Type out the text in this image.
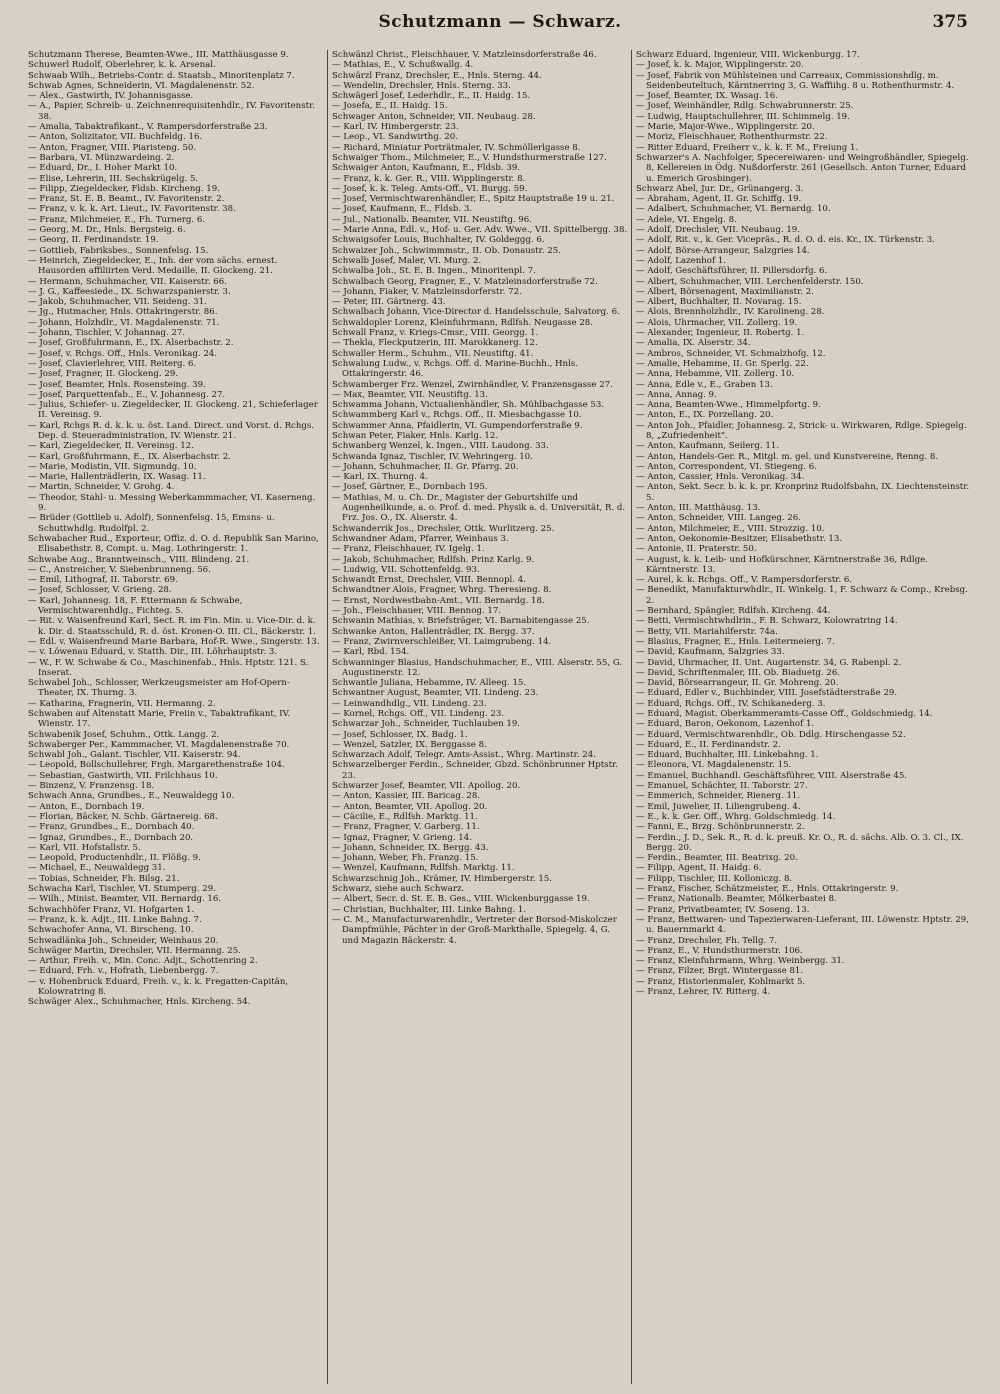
Schutzmann — Schwarz.	375
Schutzmann Therese, Beamten-Wwe., III. Matthäusgasse 9.
Schuwerl Rudolf, Oberlehrer, k. k. Arsenal.
Schwaab Wilh., Betriebs-Contr. d. Staatsb., Minoritenplatz 7.
Schwab Agnes, Schneiderin, VI. Magdalenenstr. 52.
— Alex., Gastwirth, IV. Johannisgasse.
— A., Papier, Schreib- u. Zeichnenrequisitenhdlr., IV. Favoritenstr. 38.
— Amalia, Tabaktrafikant., V. Rampersdorferstraße 23.
— Anton, Solizitator, VII. Buchfeldg. 16.
— Anton, Fragner, VIII. Piaristeng. 50.
— Barbara, VI. Münzwardeing. 2.
— Eduard, Dr., I. Hoher Markt 10.
— Elise, Lehrerin, III. Sechskrügelg. 5.
— Filipp, Ziegeldecker, Fldsb. Kircheng. 19.
— Franz, St. E. B. Beamt., IV. Favoritenstr. 2.
— Franz, v. k. k. Art. Lieut., IV. Favoritenstr. 38.
— Franz, Milchmeier, E., Fh. Turnerg. 6.
— Georg, M. Dr., Hnls. Bergsteig. 6.
— Georg, II. Ferdinandstr. 19.
— Gottlieb, Fabriksbes., Sonnenfelsg. 15.
— Heinrich, Ziegeldecker, E., Inh. der vom sächs. ernest. Hausorden affiliirten Verd. Medaille, II. Glockeng. 21.
— Hermann, Schuhmacher, VII. Kaiserstr. 66.
— J. G., Kaffeesiede., IX. Schwarzspanierstr. 3.
— Jakob, Schuhmacher, VII. Seideng. 31.
— Jg., Hutmacher, Hnls. Ottakringerstr. 86.
— Johann, Holzhdlr., VI. Magdalenenstr. 71.
— Johann, Tischler, V. Johannag. 27.
— Josef, Großfuhrmann, E., IX. Alserbachstr. 2.
— Josef, v. Rchgs. Off., Hnls. Veronikag. 24.
— Josef, Clavierlehrer, VIII. Reiterg. 6.
— Josef, Fragner, II. Glockeng. 29.
— Josef, Beamter, Hnls. Rosensteing. 39.
— Josef, Parquettenfab., E., V. Johannesg. 27.
— Julius, Schiefer- u. Ziegeldecker, II. Glockeng. 21, Schieferlager II. Vereinsg. 9.
— Karl, Rchgs R. d. k. k. u. öst. Land. Direct. und Vorst. d. Rchgs. Dep. d. Steueradministration, IV. Wienstr. 21.
— Karl, Ziegeldecker, II. Vereinsg. 12.
— Karl, Großfuhrmann, E., IX. Alserbachstr. 2.
— Marie, Modistin, VII. Sigmundg. 10.
— Marie, Hallenträdlerin, IX. Wasag. 11.
— Martin, Schneider, V. Grohg. 4.
— Theodor, Stahl- u. Messing Weberkammmacher, VI. Kaserneng. 9.
— Brüder (Gottlieb u. Adolf), Sonnenfelsg. 15, Emsns- u. Schuttwhdlg. Rudolfpl. 2.
Schwabacher Rud., Exporteur, Offiz. d. O. d. Republik San Marino, Elisabethstr. 8, Compt. u. Mag. Lothringerstr. 1.
Schwabe Aug., Branntweinsch., VIII. Blindeng. 21.
— C., Anstreicher, V. Siebenbrunneng. 56.
— Emil, Lithograf, II. Taborstr. 69.
— Josef, Schlosser, V. Grieng. 28.
— Karl, Johannesg. 18, F. Ettermann & Schwabe, Vermischtwarenhdlg., Fichteg. 5.
— Rit. v. Waisenfreund Karl, Sect. R. im Fin. Min. u. Vice-Dir. d. k. k. Dir. d. Staatsschuld, R. d. öst. Kronen-O. III. Cl., Bäckerstr. 1.
— Edl. v. Waisenfreund Marie Barbara, Hof-R. Wwe., Singerstr. 13.
— v. Löwenau Eduard, v. Statth. Dir., III. Löhrhauptstr. 3.
— W., F. W. Schwabe & Co., Maschinenfab., Hnls. Hptstr. 121. S. Inserat.
Schwabel Joh., Schlosser, Werkzeugsmeister am Hof-Opern-Theater, IX. Thurng. 3.
— Katharina, Fragnerin, VII. Hermanng. 2.
Schwaben auf Altenstatt Marie, Freiin v., Tabaktrafikant, IV. Wienstr. 17.
Schwabenik Josef, Schuhm., Ottk. Langg. 2.
Schwaberger Per., Kammmacher, VI. Magdalenenstraße 70.
Schwabl Joh., Galant. Tischler, VII. Kaiserstr. 94.
— Leopold, Bollschullehrer, Frgh. Margarethenstraße 104.
— Sebastian, Gastwirth, VII. Frilchhaus 10.
— Binzenz, V. Franzensg. 18.
Schwach Anna, Grundbes., E., Neuwaldegg 10.
— Anton, E., Dornbach 19.
— Florian, Bäcker, N. Schb. Gärtnereig. 68.
— Franz, Grundbes., E., Dornbach 40.
— Ignaz, Grundbes., E., Dornbach 20.
— Karl, VII. Hofstallstr. 5.
— Leopold, Productenhdlr., II. Flößg. 9.
— Michael, E., Neuwaldegg 31.
— Tobias, Schneider, Fh. Bilsg. 21.
Schwacha Karl, Tischler, VI. Stumperg. 29.
— Wilh., Minist. Beamter, VII. Bernardg. 16.
Schwachhöfer Franz, VI. Hofgarten 1.
— Franz, k. k. Adjt., III. Linke Bahng. 7.
Schwachofer Anna, VI. Birscheng. 10.
Schwadlänka Joh., Schneider, Weinhaus 20.
Schwäger Martin, Drechsler, VII. Hermanng. 25.
— Arthur, Freih. v., Min. Conc. Adjt., Schottenring 2.
— Eduard, Frh. v., Hofrath, Liebenbergg. 7.
— v. Hohenbruck Eduard, Freih. v., k. k. Fregatten-Capitän, Kolowratring 8.
Schwäger Alex., Schuhmacher, Hnls. Kircheng. 54.
Schwänzl Christ., Fleischhauer, V. Matzleinsdorferstraße 46.
— Mathias, E., V. Schußwallg. 4.
Schwärzl Franz, Drechsler, E., Hnls. Sterng. 44.
— Wendelin, Drechsler, Hnls. Sterng. 33.
Schwägerl Josef, Lederhdlr., E., II. Haidg. 15.
— Josefa, E., II. Haidg. 15.
Schwager Anton, Schneider, VII. Neubaug. 28.
— Karl, IV. Himbergerstr. 23.
— Leop., VI. Sandwirthg. 20.
— Richard, Miniatur Porträtmaler, IV. Schmöllerlgasse 8.
Schwaiger Thom., Milchmeier, E., V. Hundsthurmerstraße 127.
Schwaiger Anton, Kaufmann, E., Fldsb. 39.
— Franz, k. k. Ger. R., VIII. Wipplingerstr. 8.
— Josef, k. k. Teleg. Amts-Off., VI. Burgg. 59.
— Josef, Vermischtwarenhändler, E., Spitz Hauptstraße 19 u. 21.
— Josef, Kaufmann, E., Fldsb. 3.
— Jul., Nationalb. Beamter, VII. Neustiftg. 96.
— Marie Anna, Edl. v., Hof- u. Ger. Adv. Wwe., VII. Spittelbergg. 38.
Schwaigsofer Louis, Buchhalter, IV. Goldeggg. 6.
Schwaizer Joh., Schwimmmstr., II. Ob. Donaustr. 25.
Schwalb Josef, Maler, VI. Murg. 2.
Schwalba Joh., St. E. B. Ingen., Minoritenpl. 7.
Schwalbach Georg, Fragner, E., V. Matzleinsdorferstraße 72.
— Johann, Fiaker, V. Matzleinsdorferstr. 72.
— Peter, III. Gärtnerg. 43.
Schwalbach Johann, Vice-Director d. Handelsschule, Salvatorg. 6.
Schwaldopler Lorenz, Kleinfuhrmann, Rdlfsh. Neugasse 28.
Schwall Franz, v. Kriegs-Cmsr., VIII. Georgg. 1.
— Thekla, Fleckputzerin, III. Marokkanerg. 12.
Schwaller Herm., Schuhm., VII. Neustiftg. 41.
Schwalung Ludw., v. Rchgs. Off. d. Marine-Buchh., Hnls. Ottakringerstr. 46.
Schwamberger Frz. Wenzel, Zwirnhändler, V. Franzensgasse 27.
— Max, Beamter, VII. Neustiftg. 13.
Schwamma Johann, Victualienhändler, Sh. Mühlbachgasse 53.
Schwammberg Karl v., Rchgs. Off., II. Miesbachgasse 10.
Schwammer Anna, Pfaidlerin, VI. Gumpendorferstraße 9.
Schwan Peter, Fiaker, Hnls. Karlg. 12.
Schwanberg Wenzel, k. Ingen., VIII. Laudong. 33.
Schwanda Ignaz, Tischler, IV. Wehringerg. 10.
— Johann, Schuhmacher, II. Gr. Pfarrg. 20.
— Karl, IX. Thurng. 4.
— Josef, Gärtner, E., Dornbach 195.
— Mathias, M. u. Ch. Dr., Magister der Geburtshilfe und Augenheilkunde, a. o. Prof. d. med. Physik a. d. Universität, R. d. Frz. Jos. O., IX. Alserstr. 4.
Schwanderrik Jos., Drechsler, Ottk. Wurlitzerg. 25.
Schwandner Adam, Pfarrer, Weinhaus 3.
— Franz, Fleischhauer, IV. Igelg. 1.
— Jakob, Schuhmacher, Rdlfsh. Prinz Karlg. 9.
— Ludwig, VII. Schottenfeldg. 93.
Schwandt Ernst, Drechsler, VIII. Bennopl. 4.
Schwandtner Alois, Fragner, Whrg. Theresieng. 8.
— Ernst, Nordwestbahn-Amt., VII. Bernardg. 18.
— Joh., Fleischhauer, VIII. Bennog. 17.
Schwanin Mathias, v. Briefsträger, VI. Barnabitengasse 25.
Schwanke Anton, Hallenträdler, IX. Bergg. 37.
— Franz, Zwirnverschleißer, VI. Laimgrubeng. 14.
— Karl, Rbd. 154.
Schwanninger Blasius, Handschuhmacher, E., VIII. Alserstr. 55, G. Augustinerstr. 12.
Schwantle Juliana, Hebamme, IV. Alleeg. 15.
Schwantner August, Beamter, VII. Lindeng. 23.
— Leinwandhdlg., VII. Lindeng. 23.
— Kornel, Rchgs. Off., VII. Lindeng. 23.
Schwarzar Joh., Schneider, Tuchlauben 19.
— Josef, Schlosser, IX. Badg. 1.
— Wenzel, Satzler, IX. Berggasse 8.
Schwarzach Adolf, Telegr. Amts-Assist., Whrg. Martinstr. 24.
Schwarzelberger Ferdin., Schneider, Gbzd. Schönbrunner Hptstr. 23.
Schwarzer Josef, Beamter, VII. Apollog. 20.
— Anton, Kassier, III. Baricag. 28.
— Anton, Beamter, VII. Apollog. 20.
— Cäcilie, E., Rdlfsh. Marktg. 11.
— Franz, Fragner, V. Garberg. 11.
— Ignaz, Fragner, V. Grieng. 14.
— Johann, Schneider, IX. Bergg. 43.
— Johann, Weber, Fh. Franzg. 15.
— Wenzel, Kaufmann, Rdlfsh. Marktg. 11.
Schwarzschnig Joh., Krämer, IV. Himbergerstr. 15.
Schwarz, siehe auch Schwarz.
— Albert, Secr. d. St. E. B. Ges., VIII. Wickenburggasse 19.
— Christian, Buchhalter, III. Linke Bahng. 1.
— C. M., Manufacturwarenhdlr., Vertreter der Borsod-Miskolczer Dampfmühle, Pächter in der Groß-Markthalle, Spiegelg. 4, G. und Magazin Bäckerstr. 4.
Schwarz Eduard, Ingenieur, VIII. Wickenburgg. 17.
— Josef, k. k. Major, Wipplingerstr. 20.
— Josef, Fabrik von Mühlsteinen und Carreaux, Commissionshdlg. m. Seidenbeuteltuch, Kärntnerring 3, G. Waffiihg. 8 u. Rothenthurmstr. 4.
— Josef, Beamter, IX. Wasag. 16.
— Josef, Weinhändler, Rdlg. Schwabrunnerstr. 25.
— Ludwig, Hauptschullehrer, III. Schimmelg. 19.
— Marie, Major-Wwe., Wipplingerstr. 20.
— Moriz, Fleischhauer, Rothenthurmstr. 22.
— Ritter Eduard, Freiherr v., k. k. F. M., Freiung 1.
Schwarzer's A. Nachfolger, Specereiwaren- und Weingroßhändler, Spiegelg. 8, Kellereien in Ödg. Nußdorferstr. 261 (Gesellsch. Anton Turner, Eduard u. Emerich Grosbinger).
Schwarz Abel, Jur. Dr., Grünangerg. 3.
— Abraham, Agent, II. Gr. Schiffg. 19.
— Adalbert, Schuhmacher, VI. Bernardg. 10.
— Adele, VI. Engelg. 8.
— Adolf, Drechsler, VII. Neubaug. 19.
— Adolf, Rit. v., k. Ger. Vicepräs., R. d. O. d. eis. Kr., IX. Türkenstr. 3.
— Adolf, Börse-Arrangeur, Salzgries 14.
— Adolf, Lazenhof 1.
— Adolf, Geschäftsführer, II. Pillersdorfg. 6.
— Albert, Schuhmacher, VIII. Lerchenfelderstr. 150.
— Albert, Börsenagent, Maximilianstr. 2.
— Albert, Buchhalter, II. Novarag. 15.
— Alois, Brennholzhdlr., IV. Karolineng. 28.
— Alois, Uhrmacher, VII. Zollerg. 19.
— Alexander, Ingenieur, II. Robertg. 1.
— Amalia, IX. Alserstr. 34.
— Ambros, Schneider, VI. Schmalzhofg. 12.
— Amalie, Hebamme, II. Gr. Sperlg. 22.
— Anna, Hebamme, VII. Zollerg. 10.
— Anna, Edle v., E., Graben 13.
— Anna, Annag. 9.
— Anna, Beamten-Wwe., Himmelpfortg. 9.
— Anton, E., IX. Porzellang. 20.
— Anton Joh., Pfaidler, Johannesg. 2, Strick- u. Wirkwaren, Rdlge. Spiegelg. 8, „Zufriedenheit".
— Anton, Kaufmann, Seilerg. 11.
— Anton, Handels-Ger. R., Mitgl. m. gel. und Kunstvereine, Renng. 8.
— Anton, Correspondent, VI. Stiegeng. 6.
— Anton, Cassier, Hnls. Veronikag. 34.
— Anton, Sekt. Secr. b. k. k. pr. Kronprinz Rudolfsbahn, IX. Liechtensteinstr. 5.
— Anton, III. Matthäusg. 13.
— Anton, Schneider, VIII. Langeg. 26.
— Anton, Milchmeier, E., VIII. Strozzig. 10.
— Anton, Oekonomie-Besitzer, Elisabethstr. 13.
— Antonie, II. Praterstr. 50.
— August, k. k. Leib- und Hofkürschner, Kärntnerstraße 36, Rdlge. Kärntnerstr. 13.
— Aurel, k. k. Rchgs. Off., V. Rampersdorferstr. 6.
— Benedikt, Manufakturwhdlr., II. Winkelg. 1, F. Schwarz & Comp., Krebsg. 2.
— Bernhard, Spängler, Rdlfsh. Kircheng. 44.
— Betti, Vermischtwhdlrin., F. B. Schwarz, Kolowratring 14.
— Betty, VII. Mariahilferstr. 74a.
— Blasius, Fragner, E., Hnls. Leitermeierg. 7.
— David, Kaufmann, Salzgries 33.
— David, Uhrmacher, II. Unt. Augartenstr. 34, G. Rabenpl. 2.
— David, Schriftenmaler, III. Ob. Biaduetg. 26.
— David, Börsearrangeur, II. Gr. Mohreng. 20.
— Eduard, Edler v., Buchbinder, VIII. Josefstädterstraße 29.
— Eduard, Rchgs. Off., IV. Schikanederg. 3.
— Eduard, Magist. Oberkammeramts-Casse Off., Goldschmiedg. 14.
— Eduard, Baron, Oekonom, Lazenhof 1.
— Eduard, Vermischtwarenhdlr., Ob. Ddlg. Hirschengasse 52.
— Eduard, E., II. Ferdinandstr. 2.
— Eduard, Buchhalter, III. Linkebahng. 1.
— Eleonora, VI. Magdalenenstr. 15.
— Emanuel, Buchhandl. Geschäftsführer, VIII. Alserstraße 45.
— Emanuel, Schächter, II. Taborstr. 27.
— Emmerich, Schneider, Rienerg. 11.
— Emil, Juwelier, II. Liliengrubeng. 4.
— E., k. k. Ger. Off., Whrg. Goldschmiedg. 14.
— Fanni, E., Brzg. Schönbrunnerstr. 2.
— Ferdin., J. D., Sek. R., R. d. k. preuß. Kr. O., R. d. sächs. Alb. O. 3. Cl., IX. Bergg. 20.
— Ferdin., Beamter, III. Beatrixg. 20.
— Filipp, Agent, II. Haidg. 6.
— Filipp, Tischler, III. Kolloniczg. 8.
— Franz, Fischer, Schätzmeister, E., Hnls. Ottakringerstr. 9.
— Franz, Nationalb. Beamter, Mölkerbastei 8.
— Franz, Privatbeamter, IV. Soseng. 13.
— Franz, Bettwaren- und Tapezierwaren-Lieferant, III. Löwenstr. Hptstr. 29, u. Bauernmarkt 4.
— Franz, Drechsler, Fh. Tellg. 7.
— Franz, E., V. Hundsthurmerstr. 106.
— Franz, Kleinfuhrmann, Whrg. Weinbergg. 31.
— Franz, Filzer, Brgt. Wintergasse 81.
— Franz, Historienmaler, Kohlmarkt 5.
— Franz, Lehrer, IV. Ritterg. 4.
